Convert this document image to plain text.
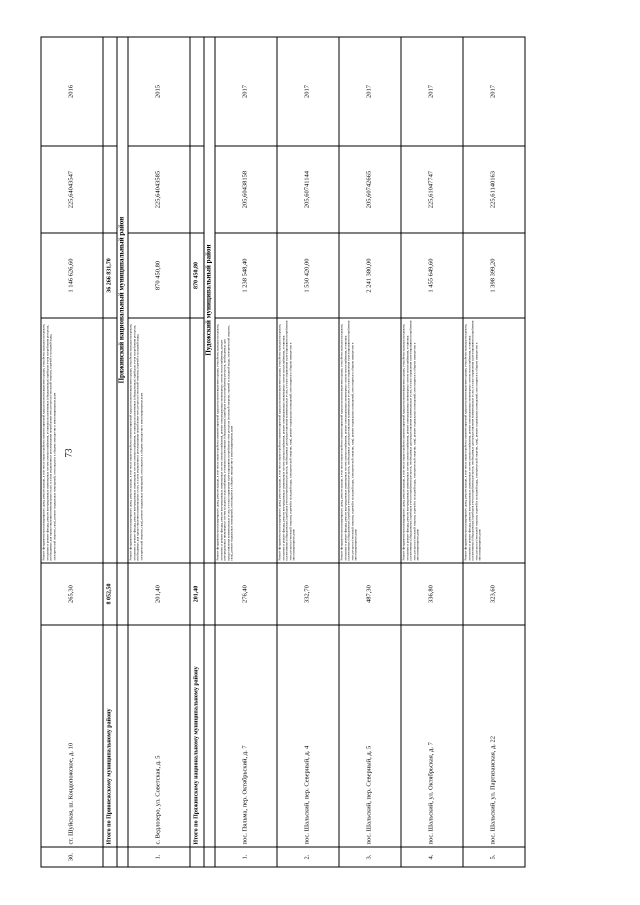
73
30.	ст. Шуйская, ш. Кондопожское, д. 10	265,30	Ремонт фундамента многоквартирного дома, ремонт крыши, в том числе переустройство невентилируемой крыши на вентилируемую крышу, устройство выходов на кровлю, утепление и ремонт фасада, ремонт внутридомовых инженерных систем электроснабжения, установка коллективных (общедомовых) приборов учета потребления ресурсов, необходимых для предоставления коммунальных услуг, и узлов управления и регулирования потребления этих ресурсов (тепловой энергии, горячей и холодной воды, электрической энергии, газа), ремонт подвальных помещений, относящихся к общему имуществу в многоквартирном доме	1 146 626,60	225,64043547	2016
	Итого по Прионежскому муниципальному району	8 052,50		36 266 831,70		
			Пряжинский национальный муниципальный район			
1.	с. Ведлозеро, ул. Советская, д. 5	201,40	Ремонт фундамента многоквартирного дома, ремонт крыши, в том числе переустройство невентилируемой крыши на вентилируемую крышу, устройство выходов на кровлю, утепление и ремонт фасада, ремонт внутридомовых инженерных систем электроснабжения, установка коллективных (общедомовых) приборов учета потребления ресурсов, необходимых для предоставления коммунальных услуг, и узлов управления и регулирования потребления этих ресурсов (тепловой энергии, горячей и холодной воды, электрической энергии, газа), ремонт подвальных помещений, относящихся к общему имуществу в многоквартирном доме	870 450,80	225,64043585	2015
	Итого по Пряжинскому национальному муниципальному району	201,40		870 450,80		
			Пудожский муниципальный район			
1.	пос. Пяльма, пер. Октябрьский, д. 7	276,40	Ремонт фундамента многоквартирного дома, ремонт крыши, в том числе переустройство невентилируемой крыши на вентилируемую крышу, устройство выходов на кровлю, утепление и ремонт фасада, ремонт внутридомовых инженерных систем электроснабжения, ремонт внутридомовых инженерных систем теплоснабжения, ремонт внутридомовых инженерных систем холодного водоснабжения, установка коллективных (общедомовых) приборов учета потребления ресурсов, необходимых для предоставления коммунальных услуг, и узлов управления и регулирования потребления этих ресурсов (тепловой энергии, горячей и холодной воды, электрической энергии, газа), ремонт подвальных помещений, относящихся к общему имуществу в многоквартирном доме	1 238 548,40	205,60438158	2017
2.	пос. Шальский, пер. Северный, д. 4	332,70	Ремонт фундамента многоквартирного дома, ремонт крыши, в том числе переустройство невентилируемой крыши на вентилируемую крышу, устройство выходов на кровлю, утепление и ремонт фасада, ремонт внутридомовых инженерных систем электроснабжения, ремонт внутридомовых инженерных систем теплоснабжения, установка коллективных (общедомовых) приборов учета потребления ресурсов, необходимых для предоставления коммунальных услуг, и узлов управления и регулирования потребления этих ресурсов (тепловой энергии, горячей и холодной воды, электрической энергии, газа), ремонт подвальных помещений, относящихся к общему имуществу в многоквартирном доме	1 530 420,00	205,60741144	2017
3.	пос. Шальский, пер. Северный, д. 5	487,30	Ремонт фундамента многоквартирного дома, ремонт крыши, в том числе переустройство невентилируемой крыши на вентилируемую крышу, устройство выходов на кровлю, утепление и ремонт фасада, ремонт внутридомовых инженерных систем электроснабжения, ремонт внутридомовых инженерных систем теплоснабжения, установка коллективных (общедомовых) приборов учета потребления ресурсов, необходимых для предоставления коммунальных услуг, и узлов управления и регулирования потребления этих ресурсов (тепловой энергии, горячей и холодной воды, электрической энергии, газа), ремонт подвальных помещений, относящихся к общему имуществу в многоквартирном доме	2 241 380,00	205,60742665	2017
4.	пос. Шальский, ул. Октябрьская, д. 7	336,80	Ремонт фундамента многоквартирного дома, ремонт крыши, в том числе переустройство невентилируемой крыши на вентилируемую крышу, устройство выходов на кровлю, утепление и ремонт фасада, ремонт внутридомовых инженерных систем электроснабжения, ремонт внутридомовых инженерных систем теплоснабжения, установка коллективных (общедомовых) приборов учета потребления ресурсов, необходимых для предоставления коммунальных услуг, и узлов управления и регулирования потребления этих ресурсов (тепловой энергии, горячей и холодной воды, электрической энергии, газа), ремонт подвальных помещений, относящихся к общему имуществу в многоквартирном доме	1 455 649,60	225,61047747	2017
5.	пос. Шальский, ул. Партизанская, д. 22	323,60	Ремонт фундамента многоквартирного дома, ремонт крыши, в том числе переустройство невентилируемой крыши на вентилируемую крышу, устройство выходов на кровлю, утепление и ремонт фасада, ремонт внутридомовых инженерных систем электроснабжения, ремонт внутридомовых инженерных систем теплоснабжения, установка коллективных (общедомовых) приборов учета потребления ресурсов, необходимых для предоставления коммунальных услуг, и узлов управления и регулирования потребления этих ресурсов (тепловой энергии, горячей и холодной воды, электрической энергии, газа), ремонт подвальных помещений, относящихся к общему имуществу в многоквартирном доме	1 398 399,20	225,61140163	2017
